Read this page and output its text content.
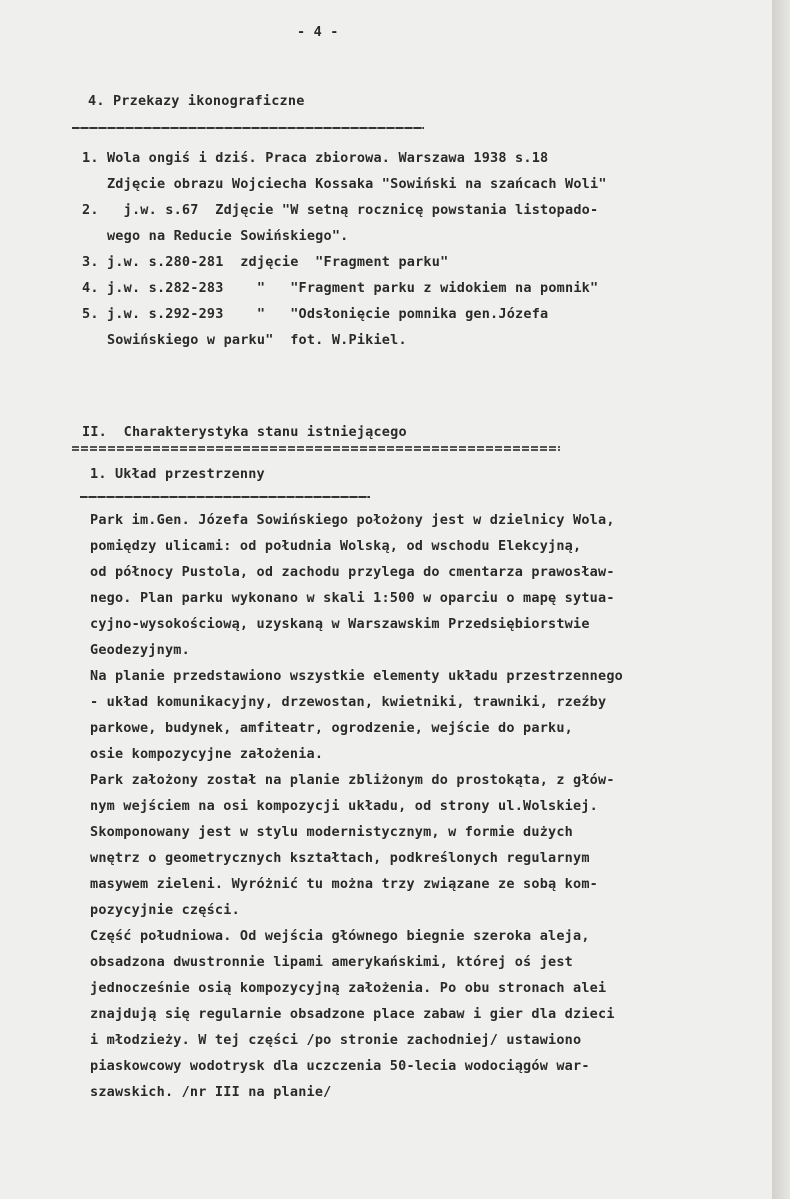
- 4 -
4. Przekazy ikonograficzne
1. Wola ongiś i dziś. Praca zbiorowa. Warszawa 1938 s.18
Zdjęcie obrazu Wojciecha Kossaka "Sowiński na szańcach Woli"
2.   j.w. s.67  Zdjęcie "W setną rocznicę powstania listopado-
wego na Reducie Sowińskiego".
3. j.w. s.280-281  zdjęcie  "Fragment parku"
4. j.w. s.282-283    "   "Fragment parku z widokiem na pomnik"
5. j.w. s.292-293    "   "Odsłonięcie pomnika gen.Józefa
Sowińskiego w parku"  fot. W.Pikiel.
II.  Charakterystyka stanu istniejącego
1. Układ przestrzenny
Park im.Gen. Józefa Sowińskiego położony jest w dzielnicy Wola,
pomiędzy ulicami: od południa Wolską, od wschodu Elekcyjną,
od północy Pustola, od zachodu przylega do cmentarza prawosław-
nego. Plan parku wykonano w skali 1:500 w oparciu o mapę sytua-
cyjno-wysokościową, uzyskaną w Warszawskim Przedsiębiorstwie
Geodezyjnym.
Na planie przedstawiono wszystkie elementy układu przestrzennego
- układ komunikacyjny, drzewostan, kwietniki, trawniki, rzeźby
parkowe, budynek, amfiteatr, ogrodzenie, wejście do parku,
osie kompozycyjne założenia.
Park założony został na planie zbliżonym do prostokąta, z głów-
nym wejściem na osi kompozycji układu, od strony ul.Wolskiej.
Skomponowany jest w stylu modernistycznym, w formie dużych
wnętrz o geometrycznych kształtach, podkreślonych regularnym
masywem zieleni. Wyróżnić tu można trzy związane ze sobą kom-
pozycyjnie części.
Część południowa. Od wejścia głównego biegnie szeroka aleja,
obsadzona dwustronnie lipami amerykańskimi, której oś jest
jednocześnie osią kompozycyjną założenia. Po obu stronach alei
znajdują się regularnie obsadzone place zabaw i gier dla dzieci
i młodzieży. W tej części /po stronie zachodniej/ ustawiono
piaskowcowy wodotrysk dla uczczenia 50-lecia wodociągów war-
szawskich. /nr III na planie/
